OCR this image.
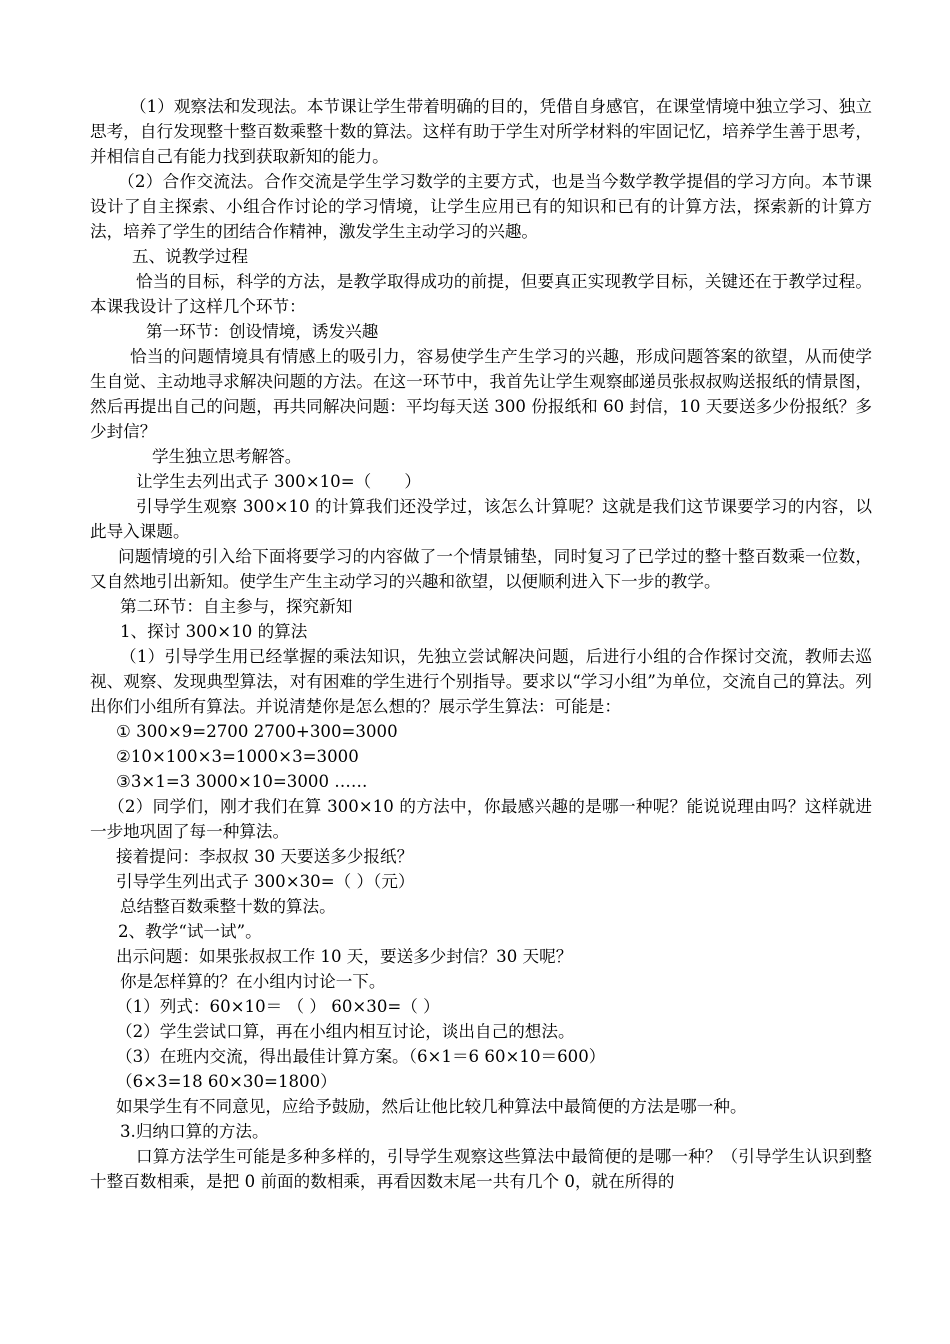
（1）观察法和发现法。本节课让学生带着明确的目的，凭借自身感官，在课堂情境中独立学习、独立思考，自行发现整十整百数乘整十数的算法。这样有助于学生对所学材料的牢固记忆，培养学生善于思考，并相信自己有能力找到获取新知的能力。

（2）合作交流法。合作交流是学生学习数学的主要方式，也是当今数学教学提倡的学习方向。本节课设计了自主探索、小组合作讨论的学习情境，让学生应用已有的知识和已有的计算方法，探索新的计算方法，培养了学生的团结合作精神，激发学生主动学习的兴趣。

五、说教学过程

恰当的目标，科学的方法，是教学取得成功的前提，但要真正实现教学目标，关键还在于教学过程。本课我设计了这样几个环节：

第一环节：创设情境，诱发兴趣

恰当的问题情境具有情感上的吸引力，容易使学生产生学习的兴趣，形成问题答案的欲望，从而使学生自觉、主动地寻求解决问题的方法。在这一环节中，我首先让学生观察邮递员张叔叔购送报纸的情景图，然后再提出自己的问题，再共同解决问题：平均每天送 300 份报纸和 60 封信，10 天要送多少份报纸？多少封信？

学生独立思考解答。

让学生去列出式子 300×10=（　　）

引导学生观察 300×10 的计算我们还没学过，该怎么计算呢？这就是我们这节课要学习的内容，以此导入课题。

问题情境的引入给下面将要学习的内容做了一个情景铺垫，同时复习了已学过的整十整百数乘一位数，又自然地引出新知。使学生产生主动学习的兴趣和欲望，以便顺利进入下一步的教学。

第二环节：自主参与，探究新知

1、探讨 300×10 的算法

（1）引导学生用已经掌握的乘法知识，先独立尝试解决问题，后进行小组的合作探讨交流，教师去巡视、观察、发现典型算法，对有困难的学生进行个别指导。要求以“学习小组”为单位，交流自己的算法。列出你们小组所有算法。并说清楚你是怎么想的？展示学生算法：可能是：

① 300×9=2700 2700+300=3000

②10×100×3=1000×3=3000

③3×1=3 3000×10=3000 ……

（2）同学们，刚才我们在算 300×10 的方法中，你最感兴趣的是哪一种呢？能说说理由吗？这样就进一步地巩固了每一种算法。

接着提问：李叔叔 30 天要送多少报纸？

引导学生列出式子 300×30=（ ）（元）

总结整百数乘整十数的算法。

2、教学“试一试”。

出示问题：如果张叔叔工作 10 天，要送多少封信？30 天呢？

你是怎样算的？在小组内讨论一下。

（1）列式：60×10＝ （ ） 60×30=（ ）

（2）学生尝试口算，再在小组内相互讨论，谈出自己的想法。

（3）在班内交流，得出最佳计算方案。（6×1＝6 60×10＝600）

（6×3=18 60×30=1800）

如果学生有不同意见，应给予鼓励，然后让他比较几种算法中最简便的方法是哪一种。

3.归纳口算的方法。

口算方法学生可能是多种多样的，引导学生观察这些算法中最简便的是哪一种？（引导学生认识到整十整百数相乘，是把 0 前面的数相乘，再看因数末尾一共有几个 0，就在所得的
